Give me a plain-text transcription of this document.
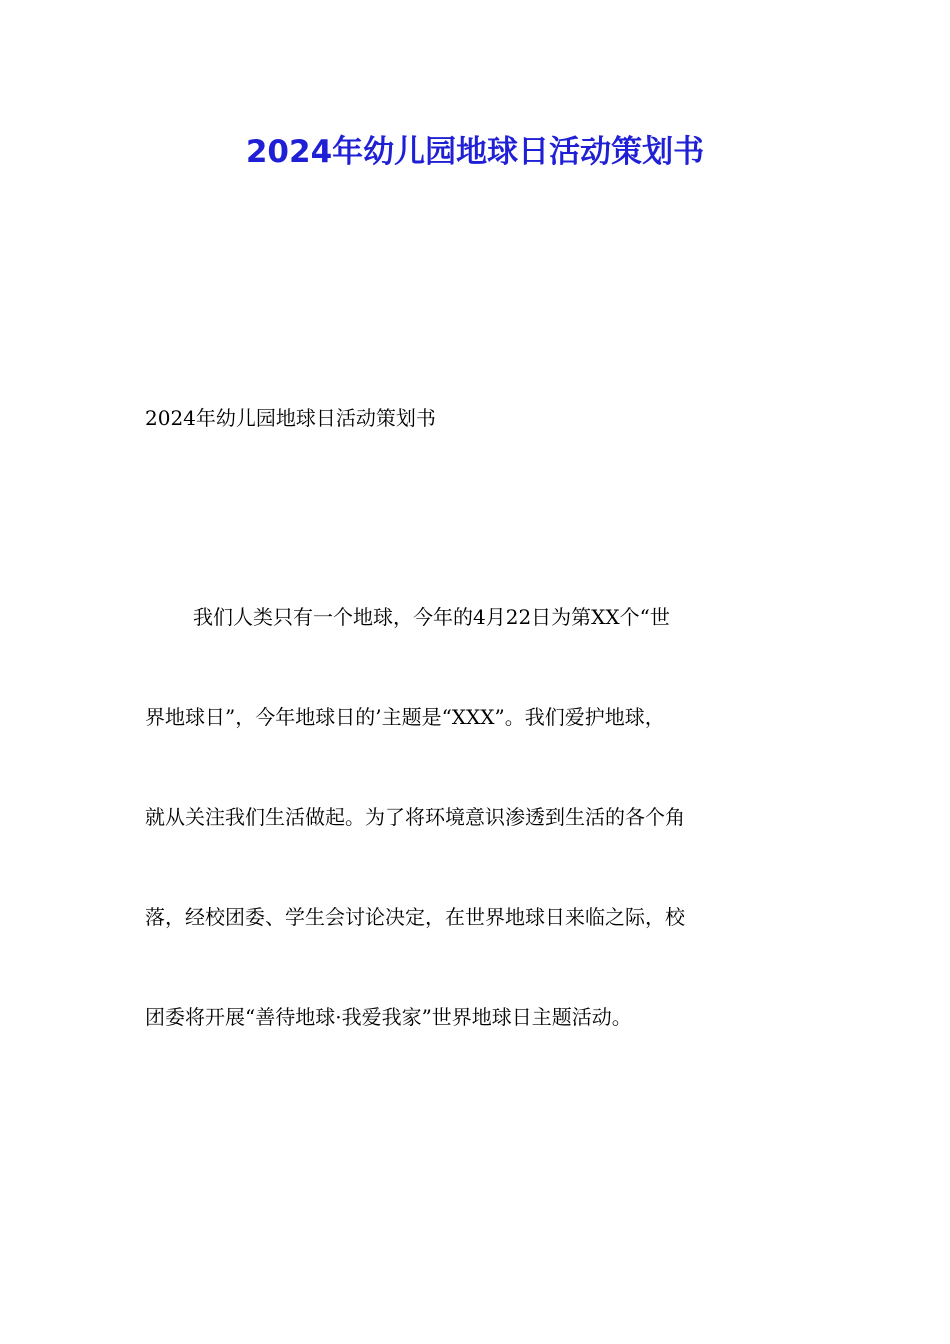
2024年幼儿园地球日活动策划书

2024年幼儿园地球日活动策划书

我们人类只有一个地球，今年的4月22日为第XX个“世
界地球日”，今年地球日的’主题是“XXX”。我们爱护地球，
就从关注我们生活做起。为了将环境意识渗透到生活的各个角
落，经校团委、学生会讨论决定，在世界地球日来临之际，校
团委将开展“善待地球·我爱我家”世界地球日主题活动。
